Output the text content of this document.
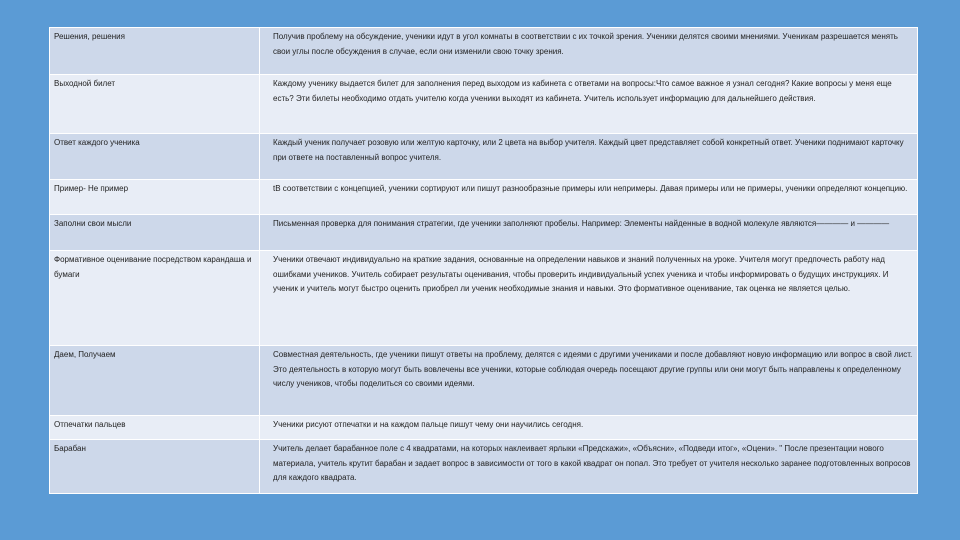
Решения, решения	Получив проблему на обсуждение, ученики идут в угол комнаты в соответствии с их точкой зрения. Ученики делятся своими мнениями. Ученикам разрешается менять свои углы после обсуждения в случае, если они изменили свою точку зрения.
Выходной билет	Каждому ученику выдается билет для заполнения перед выходом из кабинета с ответами на вопросы:Что самое важное я узнал сегодня? Какие вопросы у меня еще есть? Эти билеты необходимо отдать учителю когда ученики выходят из кабинета. Учитель использует информацию для дальнейшего действия.
Ответ каждого ученика	Каждый ученик получает розовую или желтую карточку, или 2 цвета на выбор учителя. Каждый цвет представляет собой конкретный ответ. Ученики поднимают карточку при ответе на поставленный вопрос учителя.
Пример- Не пример	tB соответствии с концепцией, ученики сортируют или пишут разнообразные примеры или непримеры. Давая примеры или не примеры, ученики определяют концепцию.
Заполни свои мысли	Письменная проверка для понимания стратегии, где ученики заполняют пробелы. Например: Элементы найденные в водной молекуле являются———— и ————
Формативное оценивание посредством карандаша и бумаги	Ученики отвечают индивидуально на краткие задания, основанные на определении навыков и знаний полученных на уроке. Учителя могут предпочесть работу над ошибками учеников. Учитель собирает результаты оценивания, чтобы проверить индивидуальный успех ученика и чтобы информировать о будущих инструкциях. И ученик и учитель могут быстро оценить приобрел ли ученик необходимые знания и навыки. Это формативное оценивание, так оценка не является целью.
Даем, Получаем	Совместная деятельность, где ученики пишут ответы на проблему, делятся с идеями с другими учениками и после добавляют новую информацию или вопрос в свой лист. Это деятельность в которую могут быть вовлечены все ученики, которые соблюдая очередь посещают другие группы или они могут быть направлены к определенному числу учеников, чтобы поделиться со своими идеями.
Отпечатки пальцев	Ученики рисуют отпечатки и на каждом пальце пишут чему они научились сегодня.
Барабан	Учитель делает барабанное поле с 4 квадратами, на которых наклеивает ярлыки «Предскажи», «Объясни», «Подведи итог», «Оцени». " После презентации нового материала, учитель крутит барабан и задает вопрос в зависимости от того в какой квадрат он попал. Это требует от учителя несколько заранее подготовленных вопросов для каждого квадрата.
